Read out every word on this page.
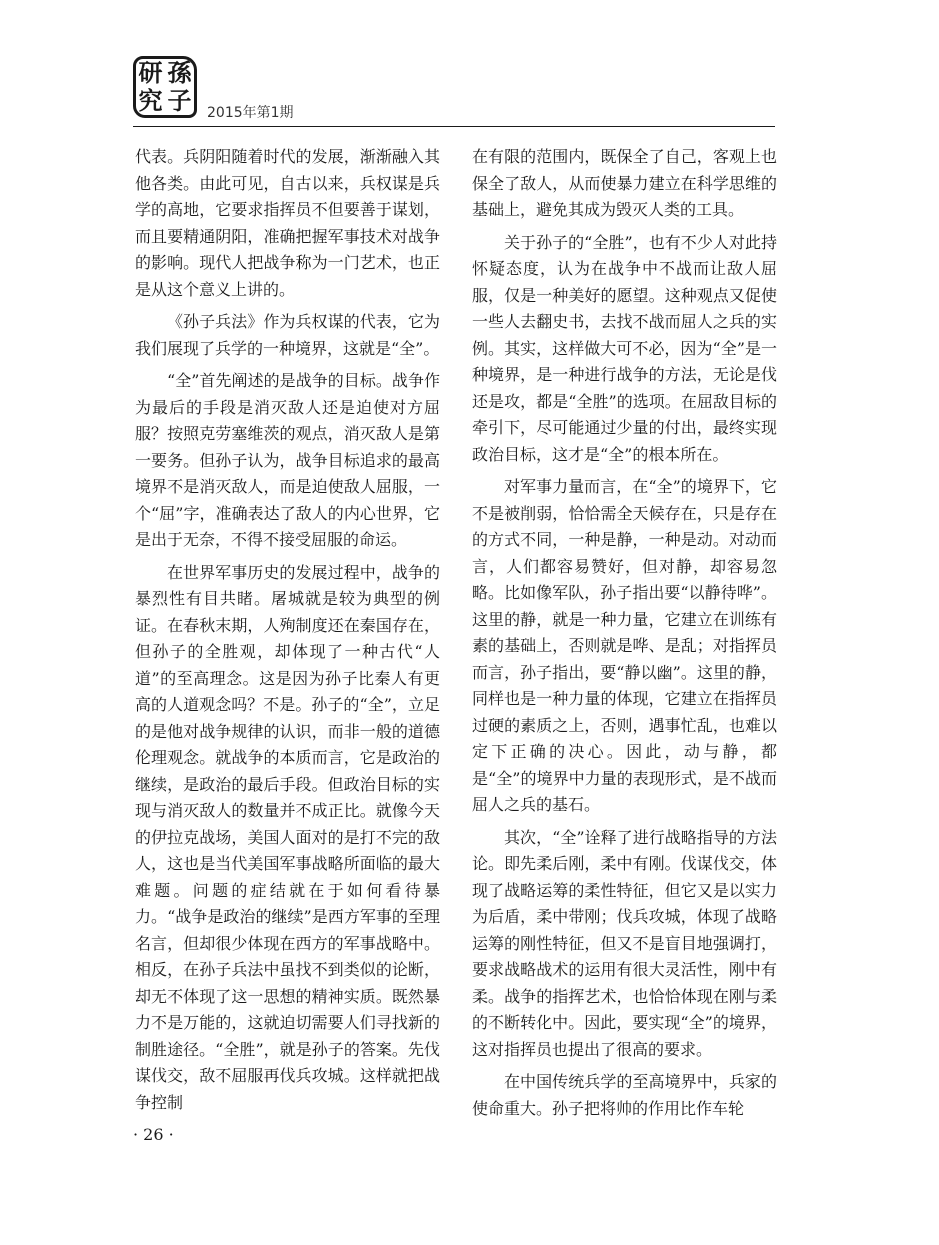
研 孫
究 子 2015年第1期

代表。兵阴阳随着时代的发展，渐渐融入其他各类。由此可见，自古以来，兵权谋是兵学的高地，它要求指挥员不但要善于谋划，而且要精通阴阳，准确把握军事技术对战争的影响。现代人把战争称为一门艺术，也正是从这个意义上讲的。

《孙子兵法》作为兵权谋的代表，它为我们展现了兵学的一种境界，这就是“全”。

“全”首先阐述的是战争的目标。战争作为最后的手段是消灭敌人还是迫使对方屈服？按照克劳塞维茨的观点，消灭敌人是第一要务。但孙子认为，战争目标追求的最高境界不是消灭敌人，而是迫使敌人屈服，一个“屈”字，准确表达了敌人的内心世界，它是出于无奈，不得不接受屈服的命运。

在世界军事历史的发展过程中，战争的暴烈性有目共睹。屠城就是较为典型的例证。在春秋末期，人殉制度还在秦国存在，但孙子的全胜观，却体现了一种古代“人道”的至高理念。这是因为孙子比秦人有更高的人道观念吗？不是。孙子的“全”，立足的是他对战争规律的认识，而非一般的道德伦理观念。就战争的本质而言，它是政治的继续，是政治的最后手段。但政治目标的实现与消灭敌人的数量并不成正比。就像今天的伊拉克战场，美国人面对的是打不完的敌人，这也是当代美国军事战略所面临的最大难题。问题的症结就在于如何看待暴力。“战争是政治的继续”是西方军事的至理名言，但却很少体现在西方的军事战略中。相反，在孙子兵法中虽找不到类似的论断，却无不体现了这一思想的精神实质。既然暴力不是万能的，这就迫切需要人们寻找新的制胜途径。“全胜”，就是孙子的答案。先伐谋伐交，敌不屈服再伐兵攻城。这样就把战争控制

在有限的范围内，既保全了自己，客观上也保全了敌人，从而使暴力建立在科学思维的基础上，避免其成为毁灭人类的工具。

关于孙子的“全胜”，也有不少人对此持怀疑态度，认为在战争中不战而让敌人屈服，仅是一种美好的愿望。这种观点又促使一些人去翻史书，去找不战而屈人之兵的实例。其实，这样做大可不必，因为“全”是一种境界，是一种进行战争的方法，无论是伐还是攻，都是“全胜”的选项。在屈敌目标的牵引下，尽可能通过少量的付出，最终实现政治目标，这才是“全”的根本所在。

对军事力量而言，在“全”的境界下，它不是被削弱，恰恰需全天候存在，只是存在的方式不同，一种是静，一种是动。对动而言，人们都容易赞好，但对静，却容易忽略。比如像军队，孙子指出要“以静待哗”。这里的静，就是一种力量，它建立在训练有素的基础上，否则就是哗、是乱；对指挥员而言，孙子指出，要“静以幽”。这里的静，同样也是一种力量的体现，它建立在指挥员过硬的素质之上，否则，遇事忙乱，也难以定下正确的决心。因此，动与静，都是“全”的境界中力量的表现形式，是不战而屈人之兵的基石。

其次，“全”诠释了进行战略指导的方法论。即先柔后刚，柔中有刚。伐谋伐交，体现了战略运筹的柔性特征，但它又是以实力为后盾，柔中带刚；伐兵攻城，体现了战略运筹的刚性特征，但又不是盲目地强调打，要求战略战术的运用有很大灵活性，刚中有柔。战争的指挥艺术，也恰恰体现在刚与柔的不断转化中。因此，要实现“全”的境界，这对指挥员也提出了很高的要求。

在中国传统兵学的至高境界中，兵家的使命重大。孙子把将帅的作用比作车轮

· 26 ·
